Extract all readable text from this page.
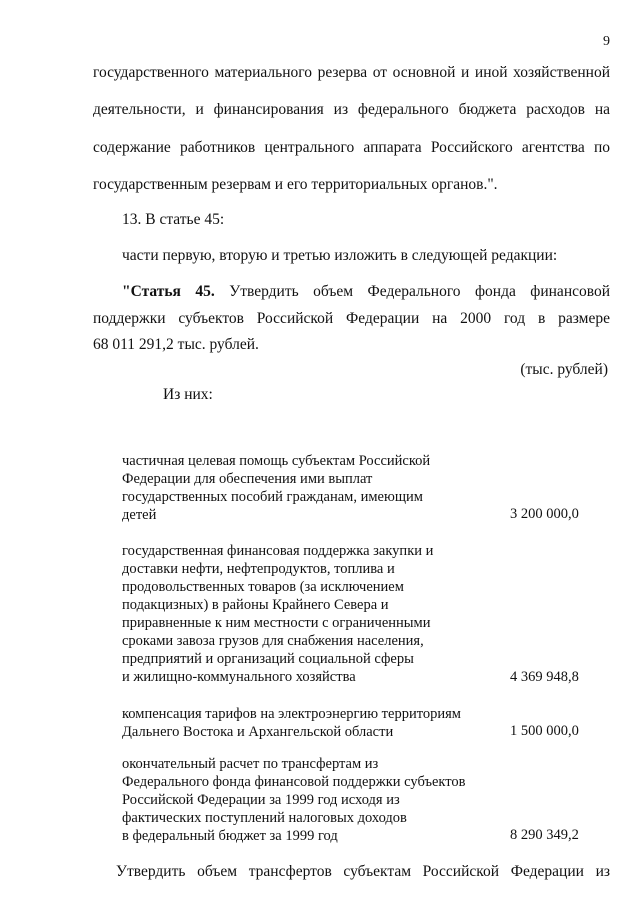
9
государственного материального резерва от основной и иной хозяйственной
деятельности, и финансирования из федерального бюджета расходов на
содержание работников центрального аппарата Российского агентства по
государственным резервам и его территориальных органов.".
13. В статье 45:
части первую, вторую и третью изложить в следующей редакции:
"Статья 45. Утвердить объем Федерального фонда финансовой
поддержки субъектов Российской Федерации на 2000 год в размере
68 011 291,2 тыс. рублей.
(тыс. рублей)
Из них:
частичная целевая помощь субъектам Российской
Федерации для обеспечения ими выплат
государственных пособий гражданам, имеющим
детей	3 200 000,0
государственная финансовая поддержка закупки и
доставки нефти, нефтепродуктов, топлива и
продовольственных товаров (за исключением
подакцизных) в районы Крайнего Севера и
приравненные к ним местности с ограниченными
сроками завоза грузов для снабжения населения,
предприятий и организаций социальной сферы
и жилищно-коммунального хозяйства	4 369 948,8
компенсация тарифов на электроэнергию территориям
Дальнего Востока и Архангельской области	1 500 000,0
окончательный расчет по трансфертам из
Федерального фонда финансовой поддержки субъектов
Российской Федерации за 1999 год исходя из
фактических поступлений налоговых доходов
в федеральный бюджет за 1999 год	8 290 349,2
Утвердить объем трансфертов субъектам Российской Федерации из
